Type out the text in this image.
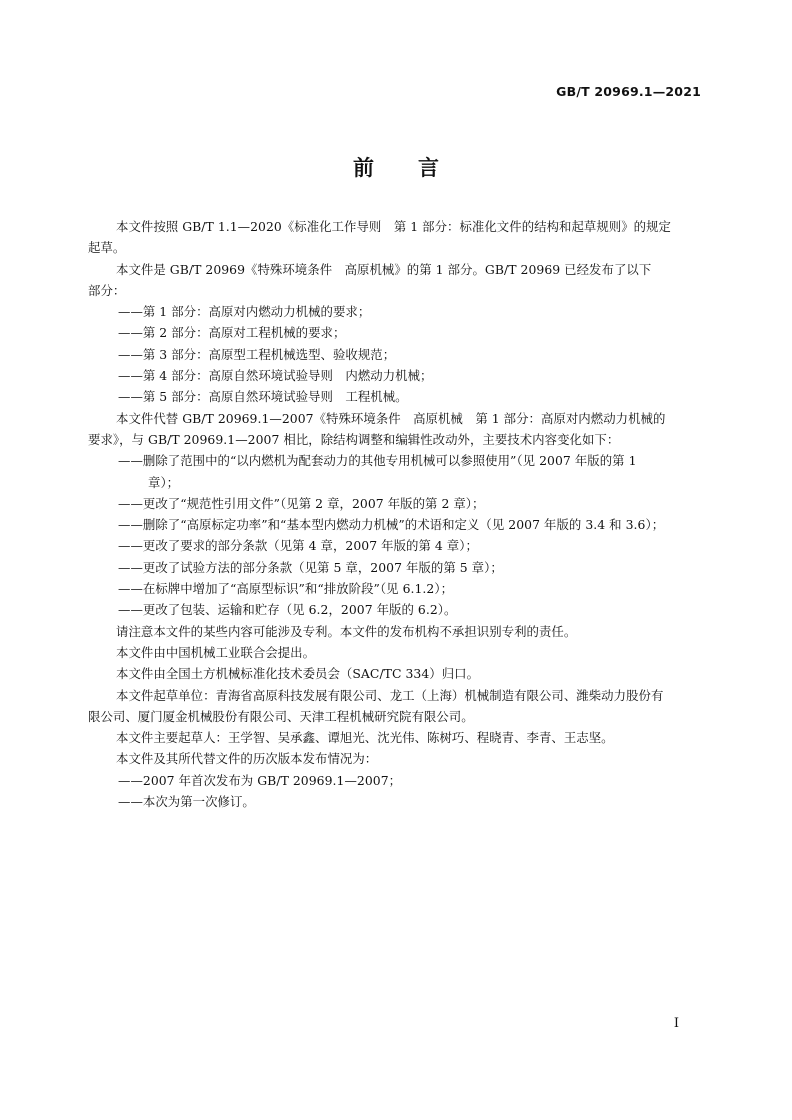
GB/T 20969.1—2021
前 言
本文件按照 GB/T 1.1—2020《标准化工作导则　第 1 部分：标准化文件的结构和起草规则》的规定
起草。
本文件是 GB/T 20969《特殊环境条件　高原机械》的第 1 部分。GB/T 20969 已经发布了以下
部分：
——第 1 部分：高原对内燃动力机械的要求；
——第 2 部分：高原对工程机械的要求；
——第 3 部分：高原型工程机械选型、验收规范；
——第 4 部分：高原自然环境试验导则　内燃动力机械；
——第 5 部分：高原自然环境试验导则　工程机械。
本文件代替 GB/T 20969.1—2007《特殊环境条件　高原机械　第 1 部分：高原对内燃动力机械的
要求》，与 GB/T 20969.1—2007 相比，除结构调整和编辑性改动外，主要技术内容变化如下：
——删除了范围中的“以内燃机为配套动力的其他专用机械可以参照使用”（见 2007 年版的第 1
章）；
——更改了“规范性引用文件”（见第 2 章，2007 年版的第 2 章）；
——删除了“高原标定功率”和“基本型内燃动力机械”的术语和定义（见 2007 年版的 3.4 和 3.6）；
——更改了要求的部分条款（见第 4 章，2007 年版的第 4 章）；
——更改了试验方法的部分条款（见第 5 章，2007 年版的第 5 章）；
——在标牌中增加了“高原型标识”和“排放阶段”（见 6.1.2）；
——更改了包装、运输和贮存（见 6.2，2007 年版的 6.2）。
请注意本文件的某些内容可能涉及专利。本文件的发布机构不承担识别专利的责任。
本文件由中国机械工业联合会提出。
本文件由全国土方机械标准化技术委员会（SAC/TC 334）归口。
本文件起草单位：青海省高原科技发展有限公司、龙工（上海）机械制造有限公司、潍柴动力股份有
限公司、厦门厦金机械股份有限公司、天津工程机械研究院有限公司。
本文件主要起草人：王学智、吴承鑫、谭旭光、沈光伟、陈树巧、程晓青、李青、王志坚。
本文件及其所代替文件的历次版本发布情况为：
——2007 年首次发布为 GB/T 20969.1—2007；
——本次为第一次修订。
I
